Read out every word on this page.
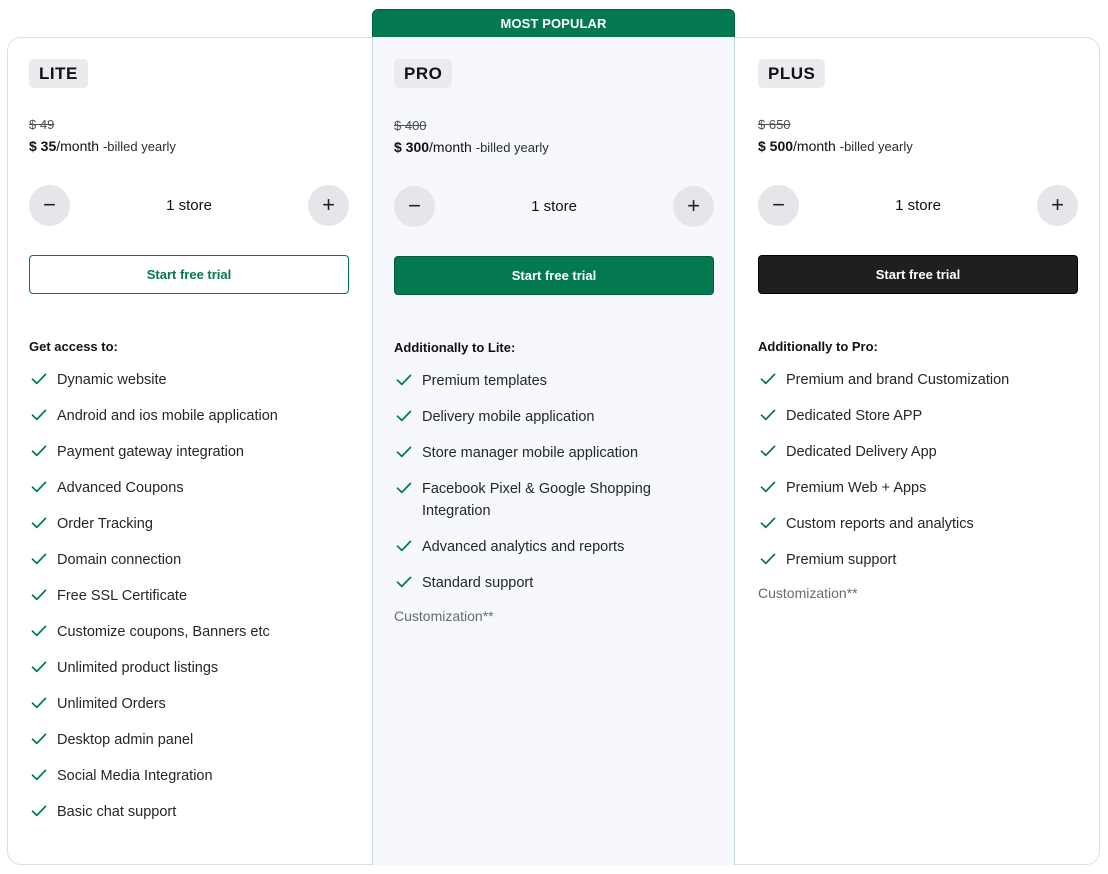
MOST POPULAR
LITE
$ 49
$ 35/month -billed yearly
−	1 store	+
Start free trial
Get access to:
Dynamic website
Android and ios mobile application
Payment gateway integration
Advanced Coupons
Order Tracking
Domain connection
Free SSL Certificate
Customize coupons, Banners etc
Unlimited product listings
Unlimited Orders
Desktop admin panel
Social Media Integration
Basic chat support
PRO
$ 400
$ 300/month -billed yearly
−	1 store	+
Start free trial
Additionally to Lite:
Premium templates
Delivery mobile application
Store manager mobile application
Facebook Pixel & Google Shopping Integration
Advanced analytics and reports
Standard support
Customization**
PLUS
$ 650
$ 500/month -billed yearly
−	1 store	+
Start free trial
Additionally to Pro:
Premium and brand Customization
Dedicated Store APP
Dedicated Delivery App
Premium Web + Apps
Custom reports and analytics
Premium support
Customization**
